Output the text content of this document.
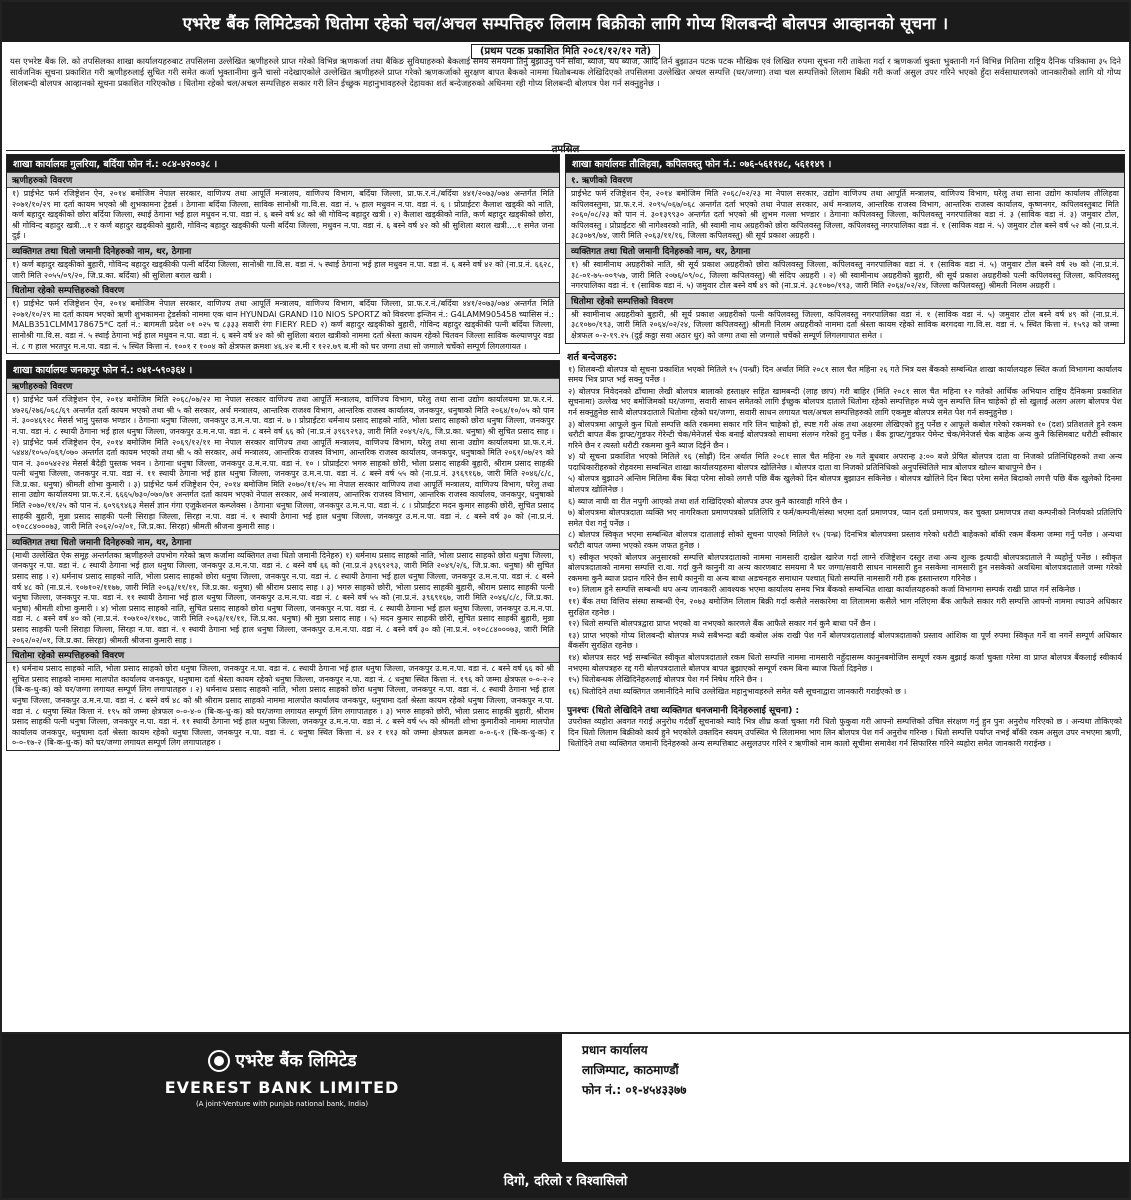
एभरेष्ट बैंक लिमिटेडको धितोमा रहेको चल/अचल सम्पत्तिहरु लिलाम बिक्रीको लागि गोप्य शिलबन्दी बोलपत्र आव्हानको सूचना ।
(प्रथम पटक प्रकाशित मिति २०८१/१२/१२ गते)
यस एभरेष्ट बैंक लि. को तपसिलका शाखा कार्यालयहरुबाट तपसिलमा उल्लेखित ऋणीहरुले प्राप्त गरेको विभिन्न ऋणकर्जा तथा बैंकिङ सुविधाहरुको बैकलाई समय समयमा तिर्नु बुझाउनु पर्ने साँवा, ब्याज, थप ब्याज, आदि तिर्न बुझाउन पटक पटक मौखिक एवं लिखित रुपमा सूचना गरी ताकेता गर्दा र ऋणकर्जा चुक्ता भुक्तानी गर्न विभिन्न मितिमा राष्ट्रिय दैनिक पत्रिकामा ३५ दिने सार्वजनिक सूचना प्रकाशित गरी ऋणीहरुलाई सुचित गरी समेत कर्जा भुक्तानीमा कुनै चासो नदेखाएकोले उल्लेखित ऋणीहरुले प्राप्त गरेको ऋणकर्जाको सुरक्षण बापत बैकको नाममा धितोबन्धक लेखिदिएको तपसिलमा उल्लेखित अचल सम्पत्ति (घर/जग्गा) तथा चल सम्पत्तिको लिलाम बिक्री गरी कर्जा असुल उपर गरिने भएको हुँदा सर्वसाधारणको जानकारीको लागि यो गोप्य शिलबन्दी बोलपत्र आव्हानको सूचना प्रकाशित गरिएकोछ । धितोमा रहेको चल/अचल सम्पत्तिहरु सकार गरी लिन ईच्छुक महानुभावहरुले देहायका शर्त बन्देजहरुको अधिनमा रही गोप्य शिलबन्दी बोलपत्र पेश गर्न सक्नुहुनेछ ।
तपसिल
शाखा कार्यालयः गुलरिया, बर्दिया फोन नं.: ०८४-४२००३८ ।
ऋणीहरुको विवरण
१) प्राईभेट फर्म रजिष्ट्रेशन ऐन, २०१४ बमोजिम नेपाल सरकार, वाणिज्य तथा आपूर्ति मन्त्रालय, वाणिज्य विभाग, बर्दिया जिल्ला, प्रा.फ.र.नं./बर्दिया ४४१/२०७३/०७४ अन्तर्गत मिति २०७१/१०/२९ मा दर्ता कायम भएको श्री शुभकामना ट्रेडर्स । ठेगानाः बर्दिया जिल्ला, साविक सानोश्री गा.वि.स. वडा नं. ५ हाल मधुवन न.पा. वडा नं. ६ । प्रोप्राईटरः कैलाश खड्की को नाति, कर्ण बहादुर खड्कीको छोरा बर्दिया जिल्ला, स्थाई ठेगाना भई हाल मधुवन न.पा. वडा नं. ६ बस्ने वर्ष ४८ को श्री गोविन्द बहादुर खत्री । २) कैलाश खड्कीको नाति, कर्ण बहादुर खड्कीको छोरा, श्री गोविन्द बहादुर खत्री...१ र कर्ण बहादुर खड्कीको बुहारी, गोविन्द बहादुर खड्कीकी पत्नी बर्दिया जिल्ला, मधुवन न.पा. वडा नं. ६ बस्ने वर्ष ४२ को श्री सुशिला बराल खत्री....१ समेत जना दुई ।
व्यक्तिगत तथा धितो जमानी दिनेहरुको नाम, थर, ठेगाना
१) कर्ण बहादुर खड्कीको बुहारी, गोविन्द बहादुर खड्कीकी पत्नी बर्दिया जिल्ला, सानोश्री गा.वि.स. वडा नं. ५ स्थाई ठेगाना भई हाल मधुवन न.पा. वडा नं. ६ बस्ने वर्ष ४२ को (ना.प्र.नं. ६६२८, जारी मिति २०५५/०९/२०, जि.प्र.का. बर्दिया) श्री सुशिला बराल खत्री ।
धितोमा रहेको सम्पत्तिहरुको विवरण
१) प्राईभेट फर्म रजिष्ट्रेशन ऐन, २०१४ बमोजिम नेपाल सरकार, वाणिज्य तथा आपूर्ति मन्त्रालय, वाणिज्य विभाग, बर्दिया जिल्ला, प्रा.फ.र.नं./बर्दिया ४४१/२०७३/०७४ अन्तर्गत मिति २०७१/१०/२९ मा दर्ता कायम भएको ऋणी शुभकामना ट्रेडर्सको नाममा एक थान HYUNDAI GRAND I10 NIOS SPORTZ को विवरणः इन्जिन नं.: G4LAMM905458 च्यासिस नं.: MALB351CLMM178675*C दर्ता नं.: बागमती प्रदेश ०१ ०२५ च ८३३३ सवारी रंगः FIERY RED २) कर्ण बहादुर खड्कीको बुहारी, गोविन्द बहादुर खड्कीकी पत्नी बर्दिया जिल्ला, सानोश्री गा.वि.स. वडा नं. ५ स्थाई ठेगाना भई हाल मधुवन न.पा. वडा नं. ६ बस्ने वर्ष ४२ को श्री सुशिला बराल खत्रीको नाममा दर्ता श्रेस्ता कायम रहेको चितवन जिल्ला साविक कल्याणपुर वडा नं. ८ ग हाल भरतपुर म.न.पा. वडा नं. ५ स्थित कित्ता नं. १००१ र १००४ को क्षेत्रफल क्रमशः ४६.४२ ब.मी र १२२.७९ ब.मी को घर जग्गा तथा सो जग्गाले चर्चेको सम्पूर्ण लिगलगायत ।
शाखा कार्यालयः जनकपुर फोन नं.: ०४१-५९०३६४ ।
ऋणीहरुको विवरण
१) प्राईभेट फर्म रजिष्ट्रेशन ऐन, २०१४ बमोजिम मिति २०६८/०७/२२ मा नेपाल सरकार वाणिज्य तथा आपूर्ति मन्त्रालय, वाणिज्य विभाग, घरेलु तथा साना उद्योग कार्यालयमा प्रा.फ.र.नं. ४७२६/२७६/०६८/६९ अन्तर्गत दर्ता कायम भएको तथा श्री ५ को सरकार, अर्थ मन्त्रालय, आन्तरिक राजश्व विभाग, आन्तरिक राजस्व कार्यालय, जनकपुर, धनुषाको मिति २०६४/१०/०५ को पान नं. ३००४६९२८ मेसर्स भानु पुस्तक भण्डार । ठेगानाः धनुषा जिल्ला, जनकपुर उ.म.न.पा. वडा नं. ७ । प्रोप्राईटरः धर्मनाथ प्रसाद साहको नाति, भोला प्रसाद साहको छोरा धनुषा जिल्ला, जनकपुर न.पा. वडा नं. ८ स्थायी ठेगाना भई हाल धनुषा जिल्ला, जनकपुर उ.म.न.पा. वडा नं. ८ बस्ने वर्ष ६६ को (ना.प्र.नं ३९६९२९३, जारी मिति २०४९/२/६, जि.प्र.का. धनुषा) श्री सुचित प्रसाद साह । २) प्राईभेट फर्म रजिष्ट्रेशन ऐन, २०१४ बमोजिम मिति २०६९/१२/११ मा नेपाल सरकार वाणिज्य तथा आपूर्ति मन्त्रालय, वाणिज्य विभाग, घरेलु तथा साना उद्योग कार्यालयमा प्रा.फ.र.नं. ५४४४/१०५०/०६९/०७० अन्तर्गत दर्ता कायम भएको तथा श्री ५ को सरकार, अर्थ मन्त्रालय, आन्तरिक राजस्व विभाग, आन्तरिक राजस्व कार्यालय, जनकपुर, धनुषाको मिति २०६१/०७/२९ को पान नं. ३००५४२२४ मेसर्स बैदेही पुस्तक भवन । ठेगानाः धनुषा जिल्ला, जनकपुर उ.म.न.पा. वडा नं. १० । प्रोप्राईटरः भगरु साहको छोरी, भोला प्रसाद साहकी बुहारी, श्रीराम प्रसाद साहकी पत्नी धनुषा जिल्ला, जनकपुर न.पा. वडा नं. ११ स्थायी ठेगाना भई हाल धनुषा जिल्ला, जनकपुर उ.म.न.पा. वडा नं. ८ बस्ने वर्ष ५५ को (ना.प्र.नं. ३९६९१६७, जारी मिति २०४६/८/८, जि.प्र.का. धनुषा) श्रीमती शोभा कुमारी । ३) प्राईभेट फर्म रजिष्ट्रेशन ऐन, २०१४ बमोजिम मिति २०७०/११/२५ मा नेपाल सरकार वाणिज्य तथा आपूर्ति मन्त्रालय, वाणिज्य विभाग, घरेलु तथा साना उद्योग कार्यालयमा प्रा.फ.र.नं. ६६६५/७३०/०७०/७१ अन्तर्गत दर्ता कायम भएको नेपाल सरकार, अर्थ मन्त्रालय, आन्तरिक राजस्व विभाग, आन्तरिक राजस्व कार्यालय, जनकपुर, धनुषाको मिति २०७०/११/२५ को पान नं. ६०९६९४६३ मेसर्स ज्ञान गंगा एजुकेशनल कम्प्लेक्स । ठेगानाः धनुषा जिल्ला, जनकपुर उ.म.न.पा. वडा नं. ८ । प्रोप्राईटरः मदन कुमार साहकी छोरी, सुचित प्रसाद साहकी बुहारी, मुन्ना प्रसाद साहकी पत्नी सिराहा जिल्ला, सिरहा न.पा. वडा नं. १ स्थायी ठेगाना भई हाल धनुषा जिल्ला, जनकपुर उ.म.न.पा. वडा नं. ८ बस्ने वर्ष ३० को (ना.प्र.नं. ०१०८८४०००७३, जारी मिति २०६२/०२/०१, जि.प्र.का. सिरहा) श्रीमती श्रीजना कुमारी साह ।
व्यक्तिगत तथा धितो जमानी दिनेहरुको नाम, थर, ठेगाना
(माथी उल्लेखित ऐक समूह अन्तर्गतका ऋणीहरुले उपभोग गरेको ऋण कर्जामा व्यक्तिगत तथा धितो जमानी दिनेहरु) १) धर्मनाथ प्रसाद साहको नाति, भोला प्रसाद साहको छोरा धनुषा जिल्ला, जनकपुर न.पा. वडा नं. ८ स्थायी ठेगाना भई हाल धनुषा जिल्ला, जनकपुर उ.म.न.पा. वडा नं. ८ बस्ने वर्ष ६६ को (ना.प्र.नं ३९६९२९३, जारी मिति २०४९/२/६, जि.प्र.का. धनुषा) श्री सुचित प्रसाद साह । २) धर्मनाथ प्रसाद साहको नाति, भोला प्रसाद साहको छोरा धनुषा जिल्ला, जनकपुर न.पा. वडा नं. ८ स्थायी ठेगाना भई हाल धनुषा जिल्ला, जनकपुर उ.म.न.पा. वडा नं. ८ बस्ने वर्ष ४८ को (ना.प्र.नं. १०७१०२/११७७, जारी मिति २०६३/११/११, जि.प्र.का. धनुषा) श्री श्रीराम प्रसाद साह । ३) भगरु साहको छोरी, भोला प्रसाद साहकी बुहारी, श्रीराम प्रसाद साहकी पत्नी धनुषा जिल्ला, जनकपुर न.पा. वडा नं. ११ स्थायी ठेगाना भई हाल धनुषा जिल्ला, जनकपुर उ.म.न.पा. वडा नं. ८ बस्ने वर्ष ५५ को (ना.प्र.नं. ३९६९१६७, जारी मिति २०४६/८/८, जि.प्र.का. धनुषा) श्रीमती शोभा कुमारी । ४) भोला प्रसाद साहको नाति, सुचित प्रसाद साहको छोरा धनुषा जिल्ला, जनकपुर न.पा. वडा नं. ८ स्थायी ठेगाना भई हाल धनुषा जिल्ला, जनकपुर उ.म.न.पा. वडा नं. ८ बस्ने वर्ष ४० को (ना.प्र.नं. १०७१०२/११७८, जारी मिति २०६३/११/११, जि.प्र.का. धनुषा) श्री मुन्ना प्रसाद साह । ५) मदन कुमार साहकी छोरी, सुचित प्रसाद साहकी बुहारी, मुन्ना प्रसाद साहकी पत्नी सिराहा जिल्ला, सिरहा न.पा. वडा नं. १ स्थायी ठेगाना भई हाल धनुषा जिल्ला, जनकपुर उ.म.न.पा. वडा नं. ८ बस्ने वर्ष ३० को (ना.प्र.नं. ०१०८८४०००७३, जारी मिति २०६२/०२/०१, जि.प्र.का. सिरहा) श्रीमती श्रीजना कुमारी साह ।
धितोमा रहेको सम्पत्तिहरुको विवरण
१) धर्मनाथ प्रसाद साहको नाति, भोला प्रसाद साहको छोरा धनुषा जिल्ला, जनकपुर न.पा. वडा नं. ८ स्थायी ठेगाना भई हाल धनुषा जिल्ला, जनकपुर उ.म.न.पा. वडा नं. ८ बस्ने वर्ष ६६ को श्री सुचित प्रसाद साहको नाममा मालपोत कार्यालय जनकपुर, धनुषामा दर्ता श्रेस्ता कायम रहेको धनुषा जिल्ला, जनकपुर न.पा. वडा नं. ८ धनुषा स्थित कित्ता नं. १९६ को जम्मा क्षेत्रफल ०-०-२-२ (बि-क-धु-क) को घर/जग्गा लगायत सम्पूर्ण लिग लगापातहरु । २) धर्मनाथ प्रसाद साहको नाति, भोला प्रसाद साहको छोरा धनुषा जिल्ला, जनकपुर न.पा. वडा नं. ८ स्थायी ठेगाना भई हाल धनुषा जिल्ला, जनकपुर उ.म.न.पा. वडा नं. ८ बस्ने वर्ष ४८ को श्री श्रीराम प्रसाद साहको नाममा मालपोत कार्यालय जनकपुर, धनुषामा दर्ता श्रेस्ता कायम रहेको धनुषा जिल्ला, जनकपुर न.पा. वडा नं. ८ धनुषा स्थित कित्ता नं. १९५ को जम्मा क्षेत्रफल ०-०-४-० (बि-क-धु-क) को घर/जग्गा लगायत सम्पूर्ण लिग लगापातहरु । ३) भगरु साहको छोरी, भोला प्रसाद साहकी बुहारी, श्रीराम प्रसाद साहकी पत्नी धनुषा जिल्ला, जनकपुर न.पा. वडा नं. ११ स्थायी ठेगाना भई हाल धनुषा जिल्ला, जनकपुर उ.म.न.पा. वडा नं. ८ बस्ने वर्ष ५५ को श्रीमती शोभा कुमारीको नाममा मालपोत कार्यालय जनकपुर, धनुषामा दर्ता श्रेस्ता कायम रहेको धनुषा जिल्ला, जनकपुर न.पा. वडा नं. ८ धनुषा स्थित कित्ता नं. ४२ र ११३ को जम्मा क्षेत्रफल क्रमशः ०-०-६-१ (बि-क-धु-क) र ०-०-१७-२ (बि-क-धु-क) को घर/जग्गा लगायत सम्पूर्ण लिग लगापातहरु ।
शाखा कार्यालयः तौलिहवा, कपिलवस्तु फोन नं.: ०७६-५६११४८, ५६११४९ ।
१. ऋणीको विवरण
प्राईभेट फर्म रजिष्ट्रेशन ऐन, २०१४ बमोजिम मिति २०६८/०२/२३ मा नेपाल सरकार, उद्योग वाणिज्य तथा आपूर्ति मन्त्रालय, वाणिज्य विभाग, घरेलु तथा साना उद्योग कार्यालय तौलिहवा कपिलवस्तुमा, प्रा.फ.र.नं. २०९५/०६७/०६८ अन्तर्गत दर्ता भएको तथा नेपाल सरकार, अर्थ मन्त्रालय, आन्तरिक राजस्व विभाग, आन्तरिक राजस्व कार्यालय, कृष्णनगर, कपिलवस्तुबाट मिति २०६०/०८/२३ को पान नं. ३०१३९९३० अन्तर्गत दर्ता भएको श्री शुभम गल्ला भण्डार । ठेगानाः कपिलवस्तु जिल्ला, कपिलवस्तु नगरपालिका वडा नं. ३ (साविक वडा नं. ३) जमुवार टोल, कपिलवस्तु । प्रोप्राईटरः श्री नागेश्वरको नाति, श्री स्वामी नाथ अग्रहरीको छोरा कपिलवस्तु जिल्ला, कपिलवस्तु नगरपालिका वडा नं. १ (साविक वडा नं. ५) जमुवार टोल बस्ने वर्ष ५२ को (ना.प्र.नं. ३८३०७९/७४, जारी मिति २०६३/११/१६, जिल्ला कपिलवस्तु) श्री सूर्य प्रकाश अग्रहरी ।
व्यक्तिगत तथा धितो जमानी दिनेहरुको नाम, थर, ठेगाना
१) श्री स्वामीनाथ अग्रहरीको नाति, श्री सूर्य प्रकाश अग्रहरीको छोरा कपिलवस्तु जिल्ला, कपिलवस्तु नगरपालिका वडा नं. १ (साविक वडा नं. ५) जमुवार टोल बस्ने वर्ष २७ को (ना.प्र.नं. ३८-०१-७५-००९५७, जारी मिति २०७६/०९/०८, जिल्ला कपिलवस्तु) श्री संदिप अग्रहरी । २) श्री स्वामीनाथ अग्रहरीको बुहारी, श्री सूर्य प्रकाश अग्रहरीको पत्नी कपिलवस्तु जिल्ला, कपिलवस्तु नगरपालिका वडा नं. १ (साविक वडा नं. ५) जमुवार टोल बस्ने वर्ष ४९ को (ना.प्र.नं. ३८१०७०/१९३, जारी मिति २०६४/०२/२४, जिल्ला कपिलवस्तु) श्रीमती निलम अग्रहरी ।
धितोमा रहेको सम्पत्तिको विवरण
श्री स्वामीनाथ अग्रहरीको बुहारी, श्री सूर्य प्रकाश अग्रहरीको पत्नी कपिलवस्तु जिल्ला, कपिलवस्तु नगरपालिका वडा नं. १ (साविक वडा नं. ५) जमुवार टोल बस्ने वर्ष ४९ को (ना.प्र.नं. ३८१०७०/१९३, जारी मिति २०६४/०२/२४, जिल्ला कपिलवस्तु) श्रीमती निलम अग्रहरीको नाममा दर्ता श्रेस्ता कायम रहेको साविक बरगदवा गा.वि.स. वडा नं. ५ स्थित कित्ता नं. १५९३ को जम्मा क्षेत्रफल ०-२-१९.२५ (दुई कठ्ठा सवा अठार धुर) को जग्गा तथा सो जग्गाले चर्चेको सम्पूर्ण लिगलगापात समेत ।
शर्त बन्देजहरु:
१) शिलबन्दी बोलपत्र यो सूचना प्रकाशित भएको मितिले १५ (पन्ध्रौं) दिन अर्थात मिति २०८१ साल चैत महिना २६ गते भित्र यस बैंकको सम्बन्धित शाखा कार्यालयहरु स्थित कर्जा विभागमा कार्यालय समय भित्र प्राप्त भई सक्नु पर्नेछ ।
२) बोलपत्र निवेदनको ढाँचामा लेखी बोलपत्र बालाको हस्ताक्षर सहित खामबन्दी (लाह छाप) गरी बाहिर (मिति २०८१ साल चैत महिना १२ गतेको आर्थिक अभियान राष्ट्रिय दैनिकमा प्रकाशित सूचनामा) उल्लेख भए बमोजिमको घर/जग्गा, सवारी साधन समेतको लागि ईच्छुक बोलपत्र दाताले धितोमा रहेको सम्पत्तिहरु मध्ये जुन सम्पत्ति लिन चाहेको हो सो खुलाई अलग अलग बोलपत्र पेश गर्न सक्नुहुनेछ साथै बोलपत्रदाताले धितोमा रहेको घर/जग्गा, सवारी साधन लगायत चल/अचल सम्पत्तिहरुको लागि एकमुष्ट बोलपत्र समेत पेश गर्न सक्नुहुनेछ ।
३) बोलपत्रमा आफूले कुन धितो सम्पत्ति कति रकममा सकार गरि लिन चाहेको हो, स्पष्ट गरी अंक तथा अक्षरमा लेखिएको हुनु पर्नेछ र आफूले कबोल गरेको रकमको १० (दश) प्रतिशतले हुने रकम धरौटी बापत बैंक ड्राफ्ट/गुडफर गेरेन्टी चेक/मेनेजर्स चेक बनाई बोलपत्रको साथमा संलग्न गरेको हुनु पर्नेछ । बैंक ड्राफ्ट/गुडफर पेमेन्ट चेक/मेनेजर्स चेक बाहेक अन्य कुनै किसिमबाट धरौटी स्वीकार गरिने छैन र त्यस्तो धरौटी रकममा कुनै ब्याज दिईने छैन ।
४) यो सूचना प्रकाशित भएको मितिले १६ (सोह्रौं) दिन अर्थात मिति २०८१ साल चैत महिना २७ गते बुधबार अपरान्ह ३:०० बजे प्रेषित बोलपत्र दाता वा निजको प्रतिनिधिहरुको तथा अन्य पदाधिकारीहरुको रोहवरमा सम्बन्धित शाखा कार्यालयहरुमा बोलपत्र खोलिनेछ । बोलपत्र दाता वा निजको प्रतिनिधिको अनुपस्थितिले मात्र बोलपत्र खोल्न बाधापुग्ने छैन ।
५) बोलपत्र बुझाउने अन्तिम मितिमा बैंक बिदा परेमा सोको लगत्तै पछि बैंक खुलेको दिन बोलपत्र बुझाउन सकिनेछ । बोलपत्र खोलिने दिन बिदा परेमा समेत बिदाको लगत्तै पछि बैंक खुलेको दिनमा बोलपत्र खोलिनेछ ।
६) ब्याज नाघी वा रीत नपुगी आएको तथा शर्त राखिदिएको बोलपत्र उपर कुनै कारवाही गरिने छैन ।
७) बोलपत्रमा बोलपत्रदाता व्यक्ति भए नागरिकता प्रमाणपत्रको प्रतिलिपि र फर्म/कम्पनी/संस्था भएमा दर्ता प्रमाणपत्र, प्यान दर्ता प्रमाणपत्र, कर चुक्ता प्रमाणपत्र तथा कम्पनीको निर्णयको प्रतिलिपि समेत पेश गर्नु पर्नेछ ।
८) बोलपत्र स्विकृत भएमा सम्बन्धित बोलपत्र दातालाई सोको सूचना पाएको मितिले १५ (पन्ध्र) दिनभित्र बोलपत्रमा प्रस्ताव गरेको धरौटी बाहेकको बाँकी रकम बैंकमा जम्मा गर्नु पर्नेछ । अन्यथा धरौटी बापत जम्मा भएको रकम जफत हुनेछ ।
९) स्वीकृत भएको बोलपत्र अनुसारको सम्पत्ति बोलपत्रदाताको नाममा नामसारी दाखेल खारेज गर्दा लाग्ने रजिष्ट्रेशन दस्तुर तथा अन्य शुल्क इत्यादी बोलपत्रदाताले नै व्यहोर्नु पर्नेछ । स्वीकृत बोलपत्रदाताको नाममा सम्पत्ति रा.वा. गर्दा कुनै कानुनी वा अन्य कारणबाट समयमा नै घर जग्गा/सवारी साधन नामसारी हुन नसकेमा नामसारी हुन नसकेको अवधिमा बोलपत्रदाताले जम्मा गरेको रकममा कुनै ब्याज प्रदान गरिने छैन साथै कानुनी वा अन्य बाधा अडचनहरु समाधान पश्चात् धितो सम्पत्ति नामसारी गरी हक हस्तान्तरण गरिनेछ ।
१०) लिलाम हुने सम्पत्ति सम्बन्धी थप अन्य जानकारी आवश्यक भएमा कार्यालय समय भित्र बैंकको सम्बन्धित शाखा कार्यालयहरुको कर्जा विभागमा सम्पर्क राखी प्राप्त गर्न सकिनेछ ।
११) बैंक तथा वित्तिय संस्था सम्बन्धी ऐन, २०७३ बमोजिम लिलाम बिक्री गर्दा कसैले नसकारेमा वा लिलाममा कसैले भाग नलिएमा बैंक आफैले सकार गरी सम्पत्ति आफ्नो नाममा ल्याउने अधिकार सुरक्षित रहनेछ ।
१२) धितो सम्पत्ति बोलपत्रद्वारा प्राप्त भएको वा नभएको कारणले बैंक आफैले सकार गर्न कुनै बाधा पर्ने छैन ।
१३) प्राप्त भएको गोप्य शिलबन्दी बोलपत्र मध्ये सबैभन्दा बढी कबोल अंक राखी पेश गर्ने बोलपत्रदातालाई बोलपत्रदाताको प्रस्ताव आंशिक वा पूर्ण रुपमा स्विकृत गर्ने वा नगर्ने सम्पूर्ण अधिकार बैंकसँग सुरक्षित रहनेछ ।
१४) बोलपत्र सदर भई सम्बन्धित स्वीकृत बोलपत्रदाताले रकम धितो सम्पत्ति नाममा नामसारी नहुँदासम्म कानुनबमोजिम सम्पूर्ण रकम बुझाई कर्जा चुक्ता गरेमा वा प्राप्त बोलपत्र बैंकलाई स्वीकार्य नभएमा बोलपत्रहरु रद्द गरी बोलपत्रदाताले बोलपत्र बापत बुझाएको सम्पूर्ण रकम बिना ब्याज फिर्ता दिइनेछ ।
१५) धितोबन्धक लेखिदिनेहरुलाई बोलपत्र पेश गर्न निषेध गरिने छैन ।
१६) धितोदिने तथा व्यक्तिगत जमानीदिने माथि उल्लेखित महानुभावहरुले समेत यसै सूचनाद्वारा जानकारी गराईएको छ ।
पुनश्चः (धितो लेखिदिने तथा व्यक्तिगत धनजमानी दिनेहरुलाई सूचना) :
उपरोक्त व्यहोरा अवगत गराई अनुरोध गर्दछौँ सूचनाको म्यादै भित्र शीघ्र कर्जा चुक्ता गरी धितो फुकुवा गरी आफ्नो सम्पत्तिको उचित संरक्षण गर्नु हुन पुनः अनुरोध गरिएको छ । अन्यथा तोकिएको दिन धितो लिलाम बिक्रीको कार्य हुने भएकोले उक्तदिन स्वयम् उपस्थित भै लिलाममा भाग लिन बोलपत्र पेश गर्न अनुरोध गरिन्छ । धितो सम्पत्ति पर्याप्त नभई बाँकी रकम असुल उपर नभएमा ऋणी, धितोदिने तथा व्यक्तिगत जमानी दिनेहरुको अन्य सम्पत्तिबाट असुलउपर गरिने र ऋणीको नाम कालो सूचीमा समावेश गर्न सिफारिस गरिने व्यहोरा समेत जानकारी गराईन्छ ।
एभरेष्ट बैंक लिमिटेड
EVEREST BANK LIMITED
(A joint-Venture with punjab national bank, India)
प्रधान कार्यालय
लाजिम्पाट, काठमाण्डौं
फोन नं.: ०१-४५४३३७७
दिगो, दरिलो र विश्वासिलो
